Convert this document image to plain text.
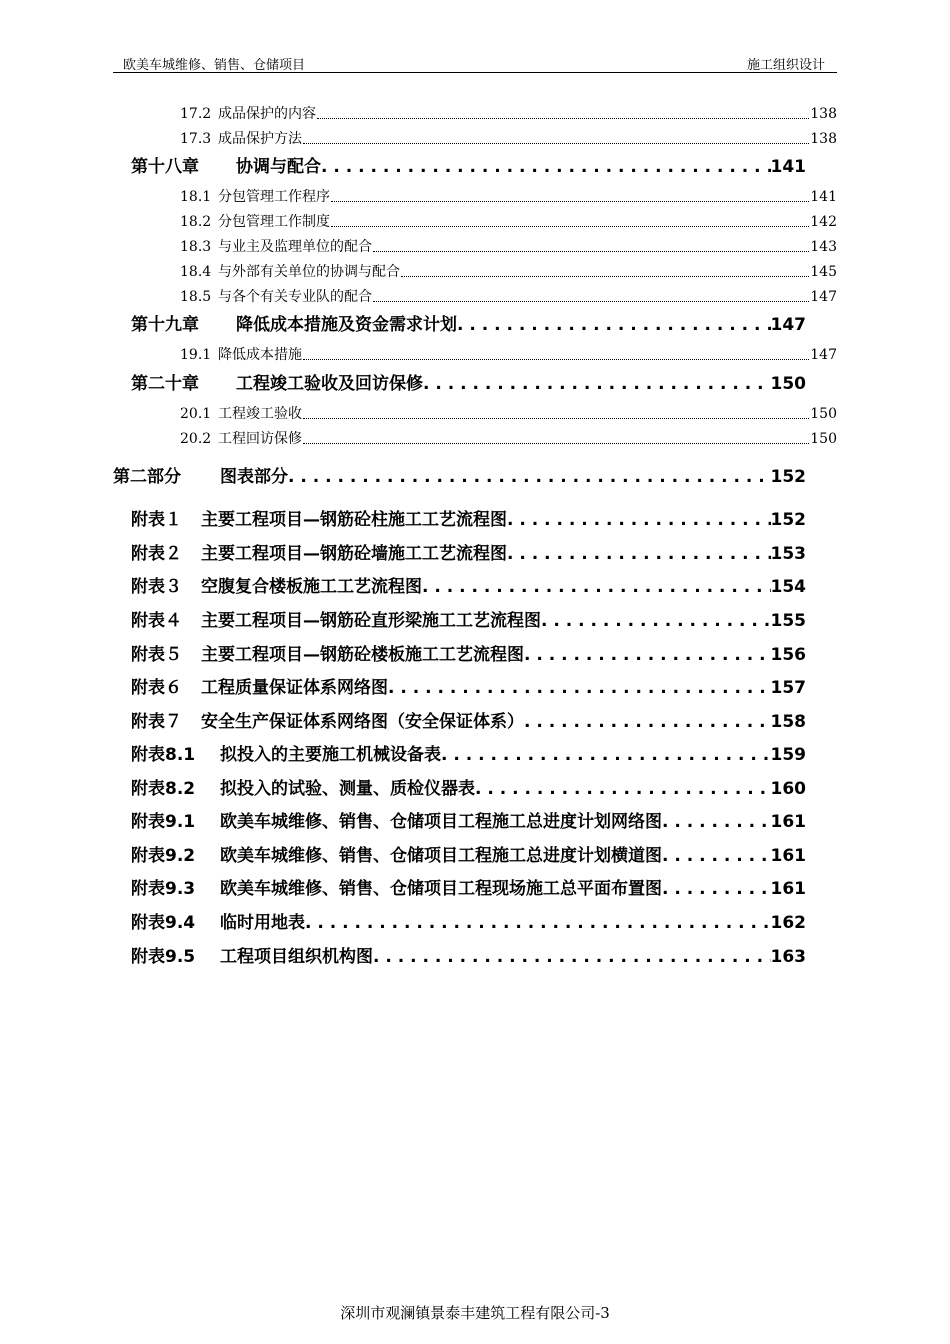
欧美车城维修、销售、仓储项目	施工组织设计
17.2 成品保护的内容	138
17.3 成品保护方法	138
第十八章 协调与配合 . . .	141
18.1 分包管理工作程序	141
18.2 分包管理工作制度	142
18.3 与业主及监理单位的配合	143
18.4 与外部有关单位的协调与配合	145
18.5 与各个有关专业队的配合	147
第十九章 降低成本措施及资金需求计划 . . .	147
19.1 降低成本措施	147
第二十章 工程竣工验收及回访保修 . . .	150
20.1 工程竣工验收	150
20.2 工程回访保修	150
第二部分 图表部分 . . .	152
附表１ 主要工程项目—钢筋砼柱施工工艺流程图 . . .	152
附表２ 主要工程项目—钢筋砼墙施工工艺流程图 . . .	153
附表３ 空腹复合楼板施工工艺流程图 . . .	154
附表４ 主要工程项目—钢筋砼直形梁施工工艺流程图 . . .	155
附表５ 主要工程项目—钢筋砼楼板施工工艺流程图 . . .	156
附表６ 工程质量保证体系网络图 . . .	157
附表７ 安全生产保证体系网络图（安全保证体系） . . .	158
附表8.1 拟投入的主要施工机械设备表 . . .	159
附表8.2 拟投入的试验、测量、质检仪器表 . . .	160
附表9.1 欧美车城维修、销售、仓储项目工程施工总进度计划网络图 . . .	161
附表9.2 欧美车城维修、销售、仓储项目工程施工总进度计划横道图 . . .	161
附表9.3 欧美车城维修、销售、仓储项目工程现场施工总平面布置图 . . .	161
附表9.4 临时用地表 . . .	162
附表9.5 工程项目组织机构图 . . .	163
深圳市观澜镇景泰丰建筑工程有限公司-3
